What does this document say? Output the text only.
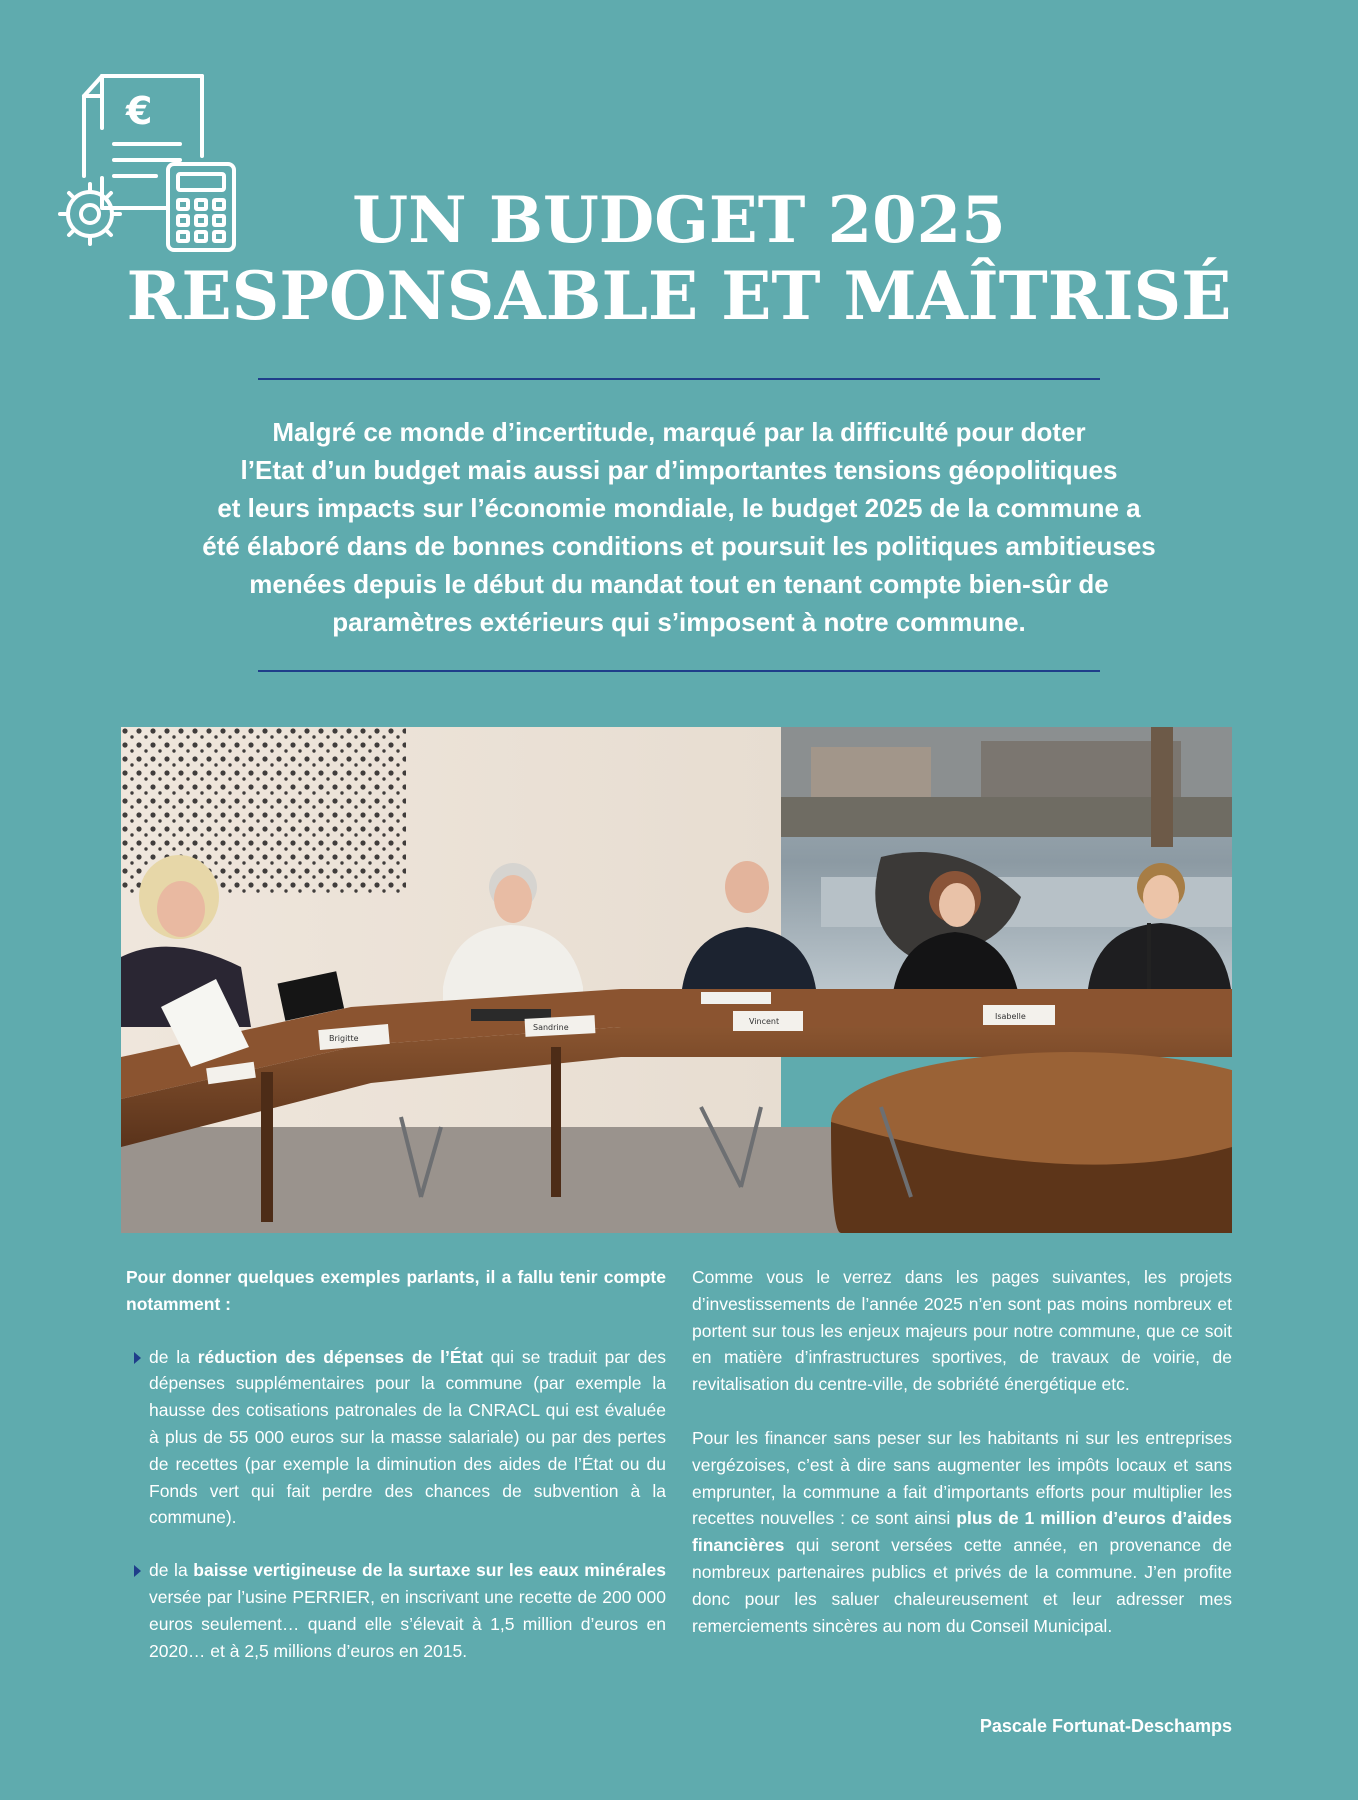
€
UN BUDGET 2025
RESPONSABLE ET MAÎTRISÉ

Malgré ce monde d’incertitude, marqué par la difficulté pour doter
l’Etat d’un budget mais aussi par d’importantes tensions géopolitiques
et leurs impacts sur l’économie mondiale, le budget 2025 de la commune a
été élaboré dans de bonnes conditions et poursuit les politiques ambitieuses
menées depuis le début du mandat tout en tenant compte bien-sûr de
paramètres extérieurs qui s’imposent à notre commune.

Brigitte
Sandrine
Vincent
Isabelle

Pour donner quelques exemples parlants, il a fallu tenir compte notamment :

de la réduction des dépenses de l’État qui se traduit par des dépenses supplémentaires pour la commune (par exemple la hausse des cotisations patronales de la CNRACL qui est évaluée à plus de 55 000 euros sur la masse salariale) ou par des pertes de recettes (par exemple la diminution des aides de l’État ou du Fonds vert qui fait perdre des chances de subvention à la commune).

de la baisse vertigineuse de la surtaxe sur les eaux minérales versée par l’usine PERRIER, en inscrivant une recette de 200 000 euros seulement… quand elle s’élevait à 1,5 million d’euros en 2020… et à 2,5 millions d’euros en 2015.

Comme vous le verrez dans les pages suivantes, les projets d’investissements de l’année 2025 n’en sont pas moins nombreux et portent sur tous les enjeux majeurs pour notre commune, que ce soit en matière d’infrastructures sportives, de travaux de voirie, de revitalisation du centre-ville, de sobriété énergétique etc.

Pour les financer sans peser sur les habitants ni sur les entreprises vergézoises, c’est à dire sans augmenter les impôts locaux et sans emprunter, la commune a fait d’importants efforts pour multiplier les recettes nouvelles : ce sont ainsi plus de 1 million d’euros d’aides financières qui seront versées cette année, en provenance de nombreux partenaires publics et privés de la commune. J’en profite donc pour les saluer chaleureusement et leur adresser mes remerciements sincères au nom du Conseil Municipal.

Pascale Fortunat-Deschamps
